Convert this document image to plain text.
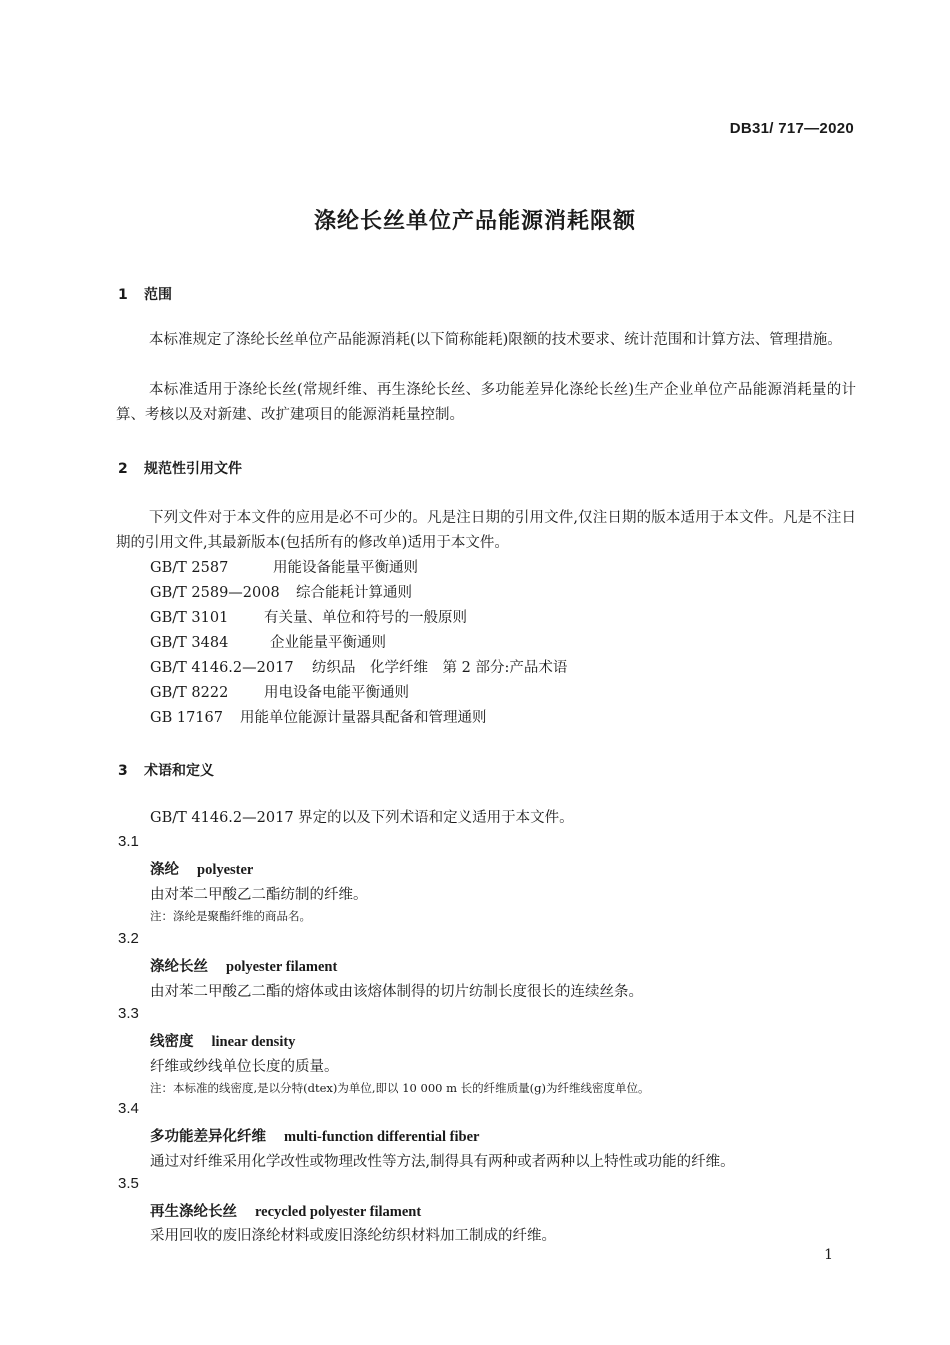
DB31/ 717—2020
涤纶长丝单位产品能源消耗限额
1 范围
本标准规定了涤纶长丝单位产品能源消耗(以下简称能耗)限额的技术要求、统计范围和计算方法、管理措施。
本标准适用于涤纶长丝(常规纤维、再生涤纶长丝、多功能差异化涤纶长丝)生产企业单位产品能源消耗量的计算、考核以及对新建、改扩建项目的能源消耗量控制。
2 规范性引用文件
下列文件对于本文件的应用是必不可少的。凡是注日期的引用文件,仅注日期的版本适用于本文件。凡是不注日期的引用文件,其最新版本(包括所有的修改单)适用于本文件。
GB/T 2587	用能设备能量平衡通则
GB/T 2589—2008 综合能耗计算通则
GB/T 3101 有关量、单位和符号的一般原则
GB/T 3484	企业能量平衡通则
GB/T 4146.2—2017 纺织品　化学纤维　第 2 部分:产品术语
GB/T 8222 用电设备电能平衡通则
GB 17167 用能单位能源计量器具配备和管理通则
3 术语和定义
GB/T 4146.2—2017 界定的以及下列术语和定义适用于本文件。
3.1
涤纶 polyester
由对苯二甲酸乙二酯纺制的纤维。
注：涤纶是聚酯纤维的商品名。
3.2
涤纶长丝 polyester filament
由对苯二甲酸乙二酯的熔体或由该熔体制得的切片纺制长度很长的连续丝条。
3.3
线密度 linear density
纤维或纱线单位长度的质量。
注：本标准的线密度,是以分特(dtex)为单位,即以 10 000 m 长的纤维质量(g)为纤维线密度单位。
3.4
多功能差异化纤维 multi-function differential fiber
通过对纤维采用化学改性或物理改性等方法,制得具有两种或者两种以上特性或功能的纤维。
3.5
再生涤纶长丝 recycled polyester filament
采用回收的废旧涤纶材料或废旧涤纶纺织材料加工制成的纤维。
1
